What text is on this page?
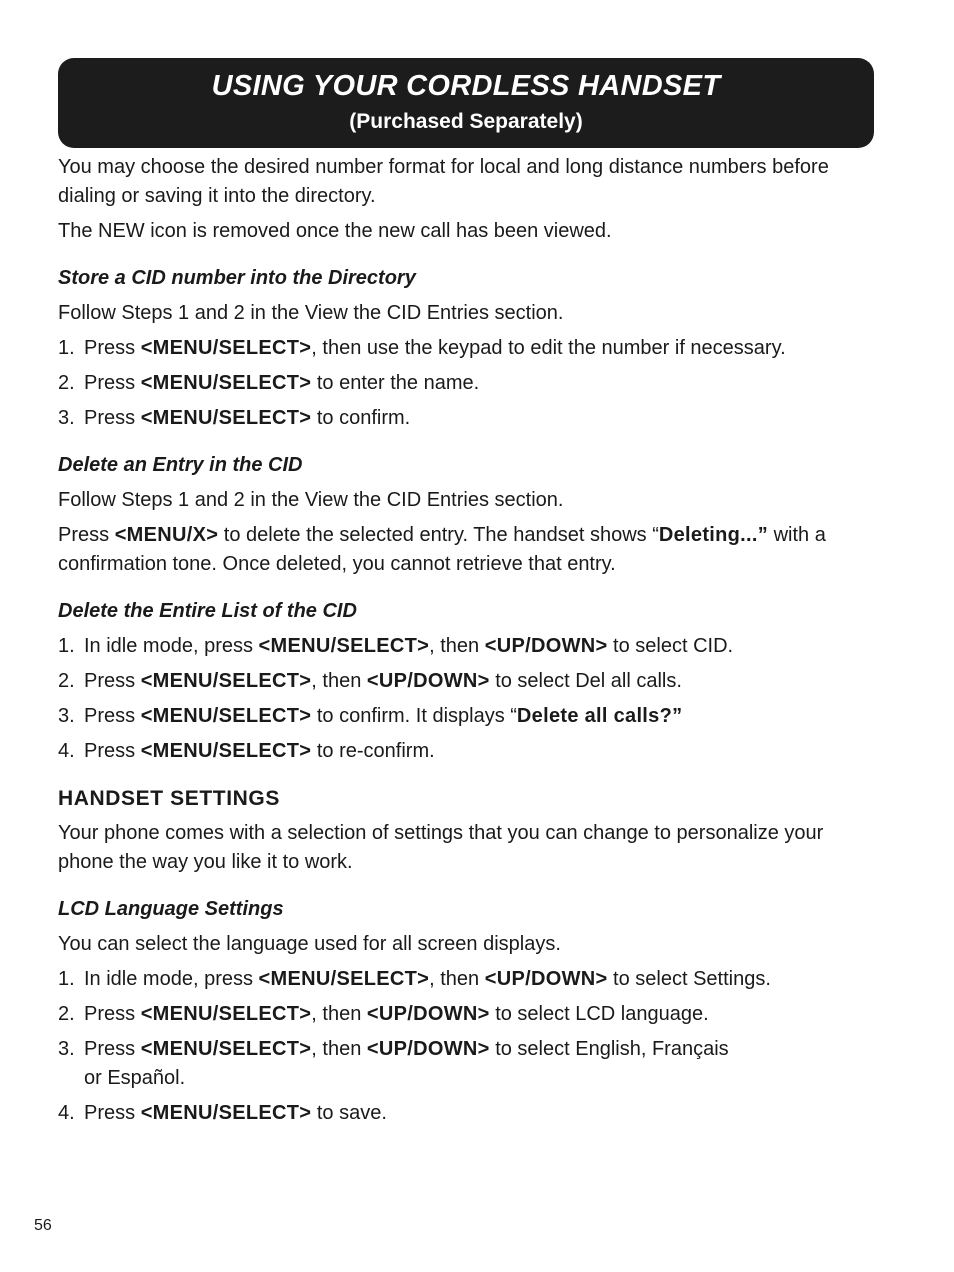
USING YOUR CORDLESS HANDSET
(Purchased Separately)

You may choose the desired number format for local and long distance numbers before dialing or saving it into the directory.

The NEW icon is removed once the new call has been viewed.

Store a CID number into the Directory

Follow Steps 1 and 2 in the View the CID Entries section.

1. Press <MENU/SELECT>, then use the keypad to edit the number if necessary.
2. Press <MENU/SELECT> to enter the name.
3. Press <MENU/SELECT> to confirm.

Delete an Entry in the CID

Follow Steps 1 and 2 in the View the CID Entries section.

Press <MENU/X> to delete the selected entry. The handset shows “Deleting...” with a confirmation tone. Once deleted, you cannot retrieve that entry.

Delete the Entire List of the CID

1. In idle mode, press <MENU/SELECT>, then <UP/DOWN> to select CID.
2. Press <MENU/SELECT>, then <UP/DOWN> to select Del all calls.
3. Press <MENU/SELECT> to confirm. It displays “Delete all calls?”
4. Press <MENU/SELECT> to re-confirm.

HANDSET SETTINGS

Your phone comes with a selection of settings that you can change to personalize your phone the way you like it to work.

LCD Language Settings

You can select the language used for all screen displays.

1. In idle mode, press <MENU/SELECT>, then <UP/DOWN> to select Settings.
2. Press <MENU/SELECT>, then <UP/DOWN> to select LCD language.
3. Press <MENU/SELECT>, then <UP/DOWN> to select English, Français
or Español.
4. Press <MENU/SELECT> to save.
56
